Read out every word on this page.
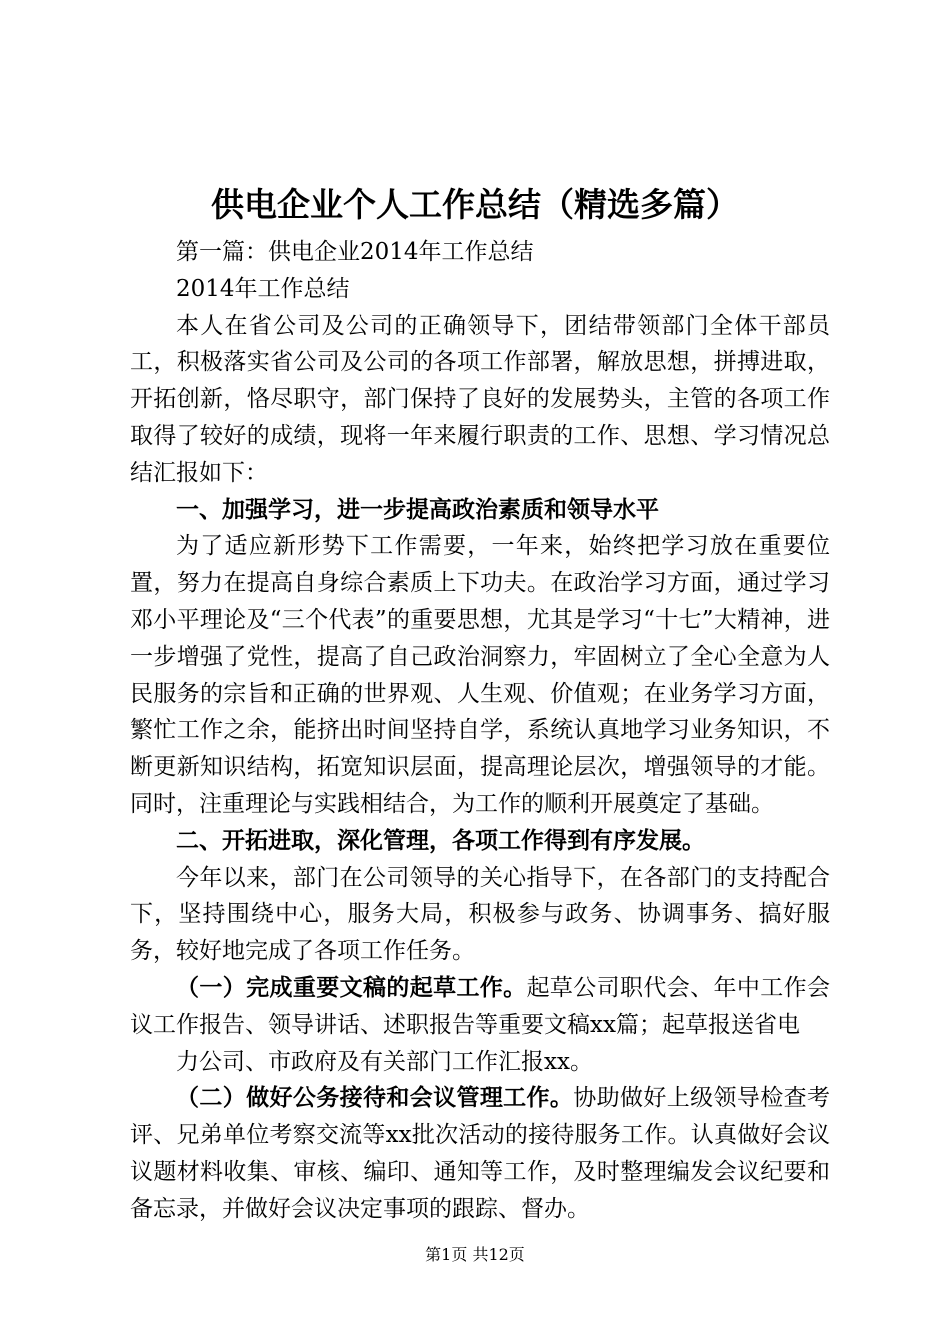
供电企业个人工作总结（精选多篇）

第一篇：供电企业2014年工作总结

2014年工作总结

本人在省公司及公司的正确领导下，团结带领部门全体干部员工，积极落实省公司及公司的各项工作部署，解放思想，拼搏进取，开拓创新，恪尽职守，部门保持了良好的发展势头，主管的各项工作取得了较好的成绩，现将一年来履行职责的工作、思想、学习情况总结汇报如下：

一、加强学习，进一步提高政治素质和领导水平

为了适应新形势下工作需要，一年来，始终把学习放在重要位置，努力在提高自身综合素质上下功夫。在政治学习方面，通过学习邓小平理论及“三个代表”的重要思想，尤其是学习“十七”大精神，进一步增强了党性，提高了自己政治洞察力，牢固树立了全心全意为人民服务的宗旨和正确的世界观、人生观、价值观；在业务学习方面，繁忙工作之余，能挤出时间坚持自学，系统认真地学习业务知识，不断更新知识结构，拓宽知识层面，提高理论层次，增强领导的才能。同时，注重理论与实践相结合，为工作的顺利开展奠定了基础。

二、开拓进取，深化管理，各项工作得到有序发展。

今年以来，部门在公司领导的关心指导下，在各部门的支持配合下，坚持围绕中心，服务大局，积极参与政务、协调事务、搞好服务，较好地完成了各项工作任务。

（一）完成重要文稿的起草工作。起草公司职代会、年中工作会议工作报告、领导讲话、述职报告等重要文稿xx篇；起草报送省电

力公司、市政府及有关部门工作汇报xx。

（二）做好公务接待和会议管理工作。协助做好上级领导检查考评、兄弟单位考察交流等xx批次活动的接待服务工作。认真做好会议议题材料收集、审核、编印、通知等工作，及时整理编发会议纪要和备忘录，并做好会议决定事项的跟踪、督办。

第1页 共12页
